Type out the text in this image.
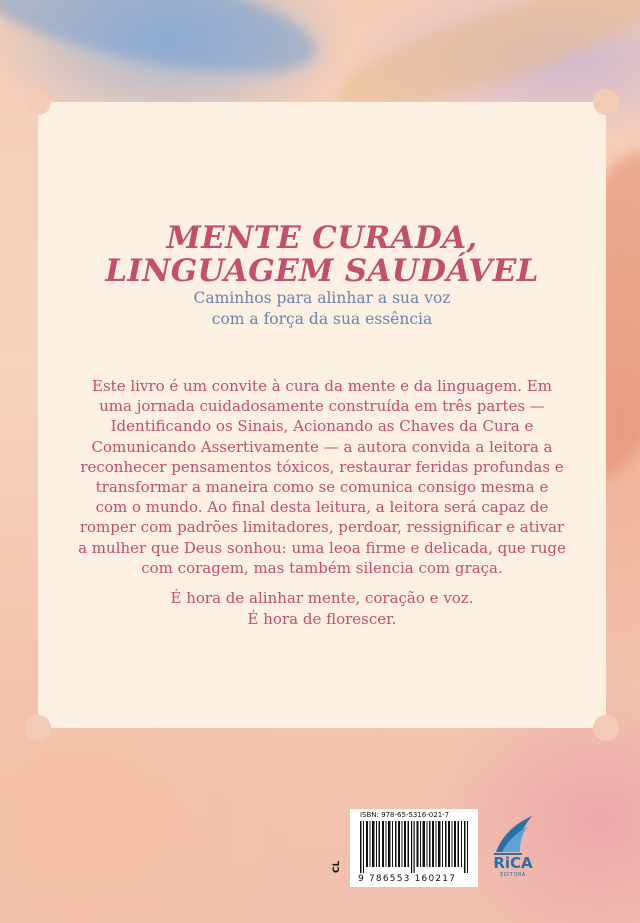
MENTE CURADA,
LINGUAGEM SAUDÁVEL
Caminhos para alinhar a sua voz
com a força da sua essência

Este livro é um convite à cura da mente e da linguagem. Em uma jornada cuidadosamente construída em três partes — Identificando os Sinais, Acionando as Chaves da Cura e Comunicando Assertivamente — a autora convida a leitora a reconhecer pensamentos tóxicos, restaurar feridas profundas e transformar a maneira como se comunica consigo mesma e com o mundo. Ao final desta leitura, a leitora será capaz de romper com padrões limitadores, perdoar, ressignificar e ativar a mulher que Deus sonhou: uma leoa firme e delicada, que ruge com coragem, mas também silencia com graça.

É hora de alinhar mente, coração e voz.
É hora de florescer.
ISBN: 978-65-5316-021-7
9 786553 160217
CL	RiCA
EDITORA
